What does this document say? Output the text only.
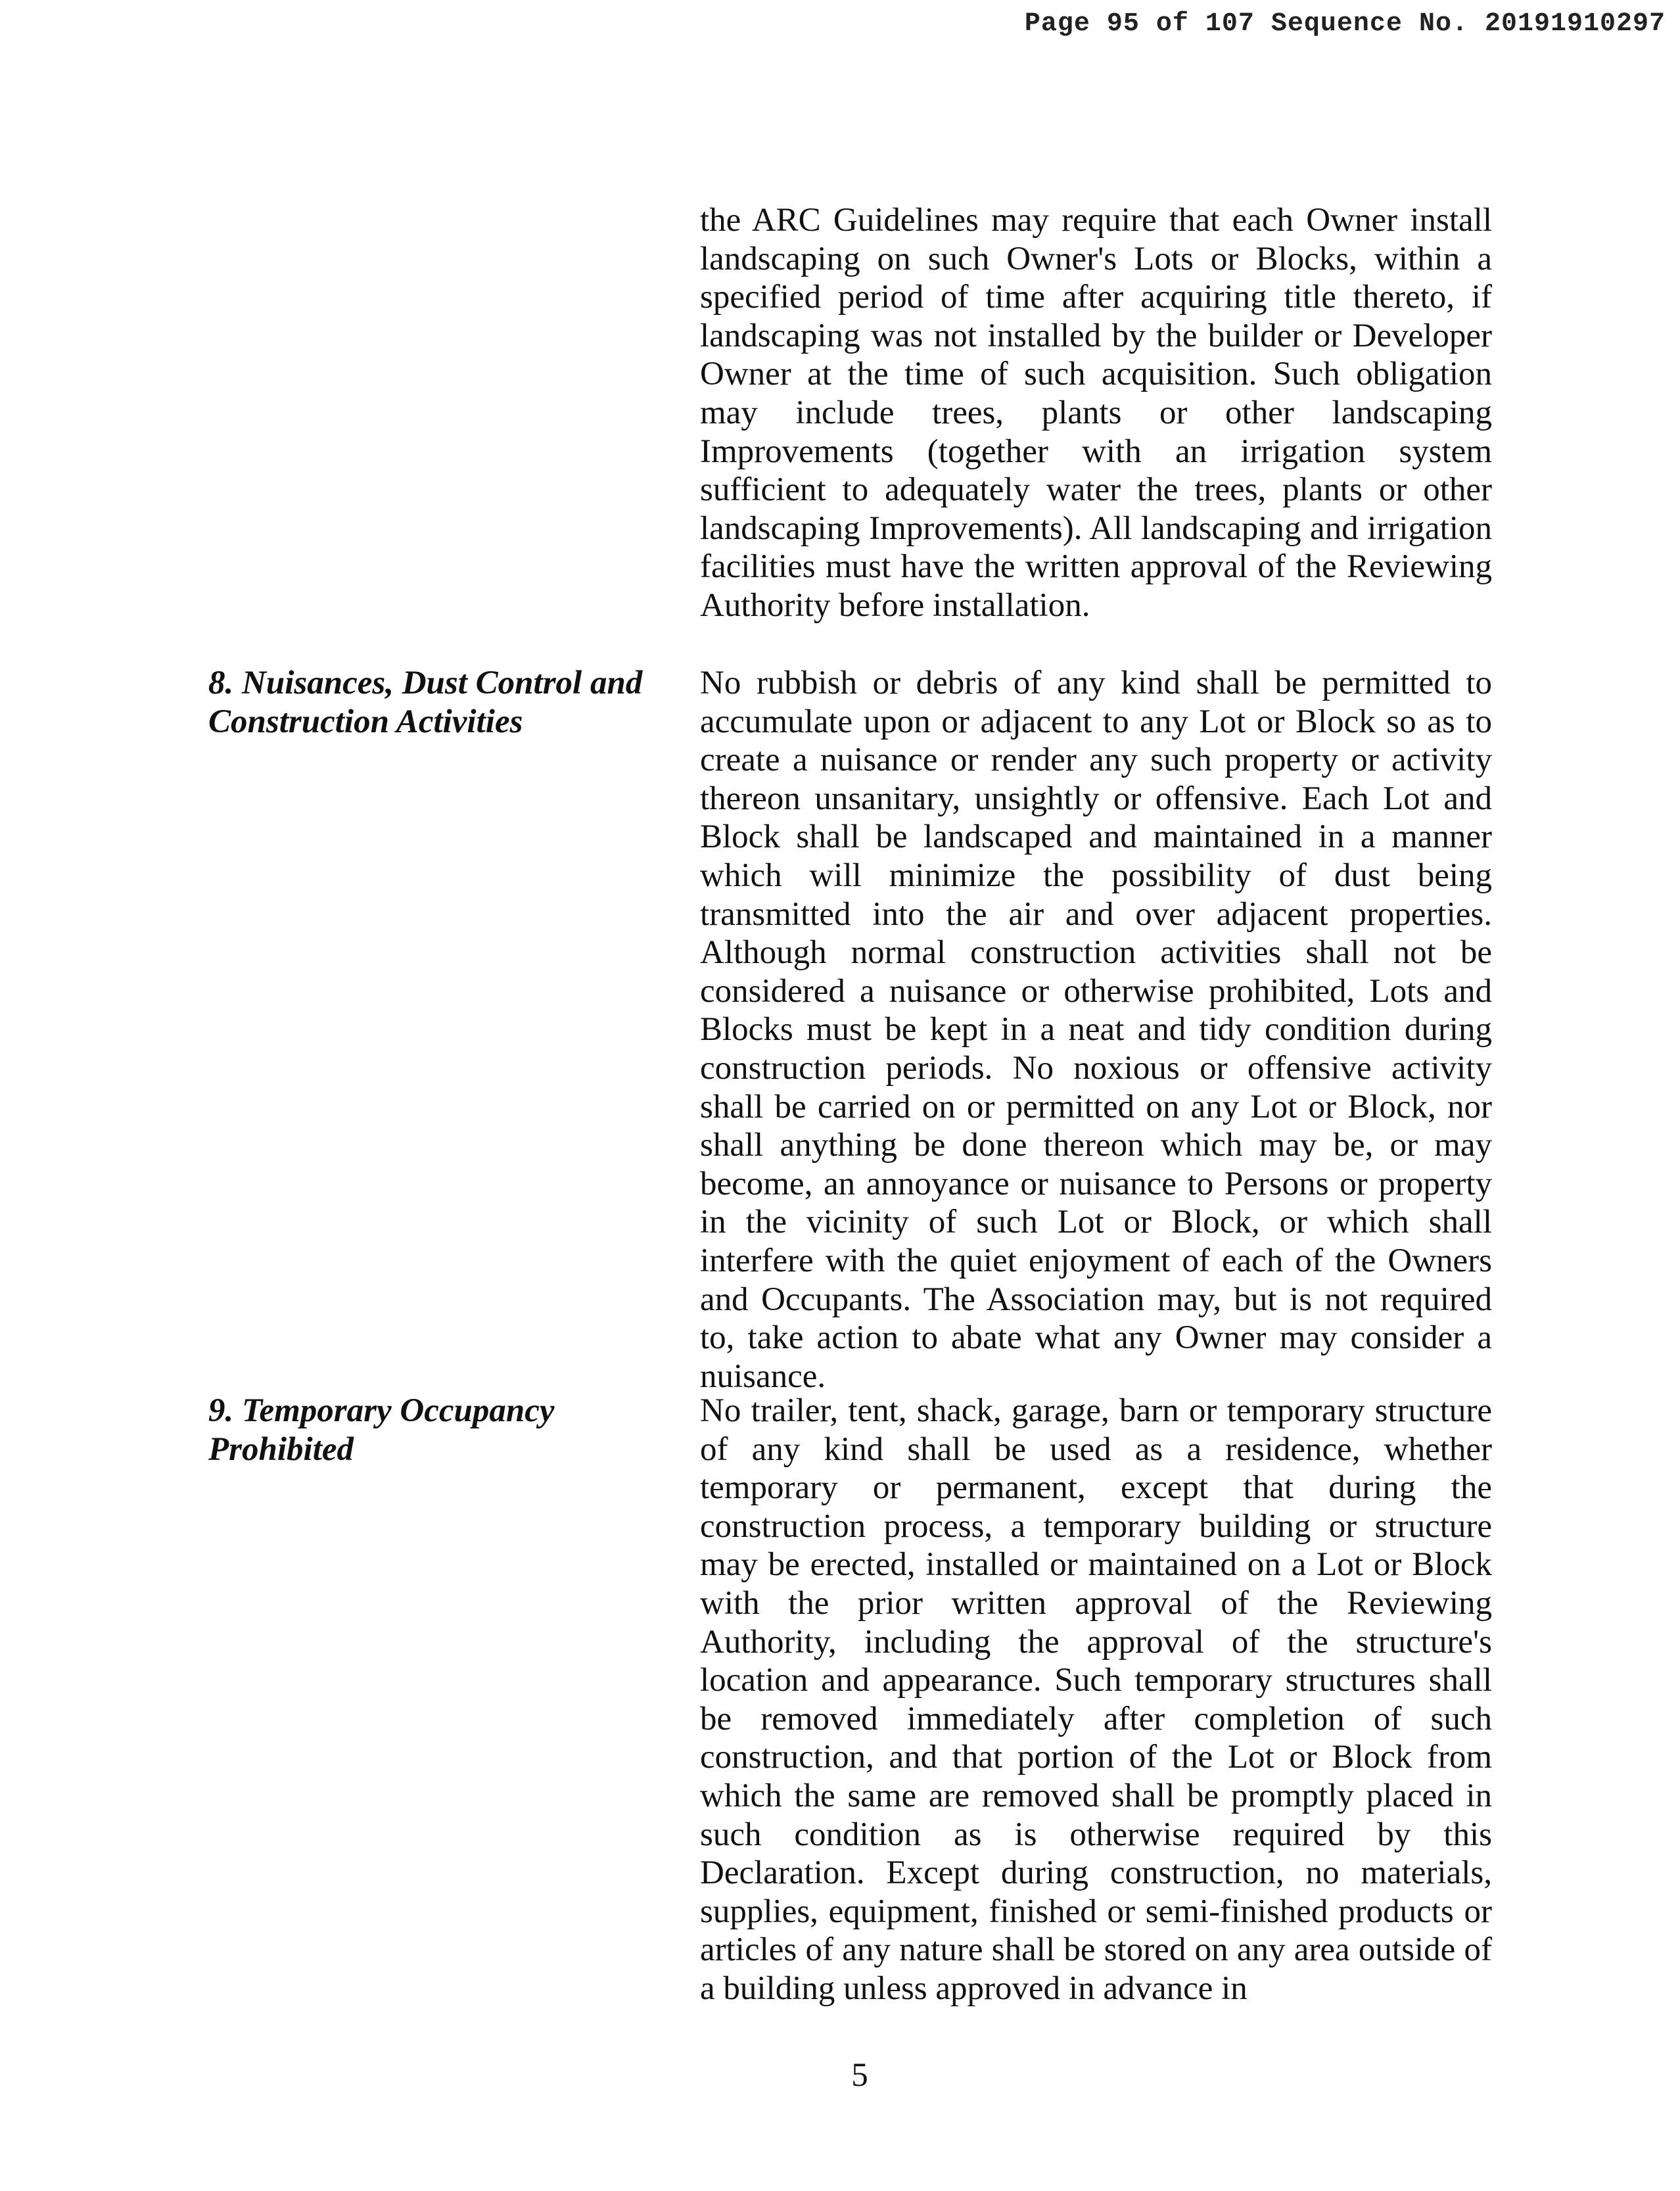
Page 95 of 107 Sequence No. 20191910297

the ARC Guidelines may require that each Owner install landscaping on such Owner's Lots or Blocks, within a specified period of time after acquiring title thereto, if landscaping was not installed by the builder or Developer Owner at the time of such acquisition. Such obligation may include trees, plants or other landscaping Improvements (together with an irrigation system sufficient to adequately water the trees, plants or other landscaping Improvements). All landscaping and irrigation facilities must have the written approval of the Reviewing Authority before installation.

8. Nuisances, Dust Control and Construction Activities

No rubbish or debris of any kind shall be permitted to accumulate upon or adjacent to any Lot or Block so as to create a nuisance or render any such property or activity thereon unsanitary, unsightly or offensive. Each Lot and Block shall be landscaped and maintained in a manner which will minimize the possibility of dust being transmitted into the air and over adjacent properties. Although normal construction activities shall not be considered a nuisance or otherwise prohibited, Lots and Blocks must be kept in a neat and tidy condition during construction periods. No noxious or offensive activity shall be carried on or permitted on any Lot or Block, nor shall anything be done thereon which may be, or may become, an annoyance or nuisance to Persons or property in the vicinity of such Lot or Block, or which shall interfere with the quiet enjoyment of each of the Owners and Occupants. The Association may, but is not required to, take action to abate what any Owner may consider a nuisance.

9. Temporary Occupancy Prohibited

No trailer, tent, shack, garage, barn or temporary structure of any kind shall be used as a residence, whether temporary or permanent, except that during the construction process, a temporary building or structure may be erected, installed or maintained on a Lot or Block with the prior written approval of the Reviewing Authority, including the approval of the structure's location and appearance. Such temporary structures shall be removed immediately after completion of such construction, and that portion of the Lot or Block from which the same are removed shall be promptly placed in such condition as is otherwise required by this Declaration. Except during construction, no materials, supplies, equipment, finished or semi-finished products or articles of any nature shall be stored on any area outside of a building unless approved in advance in

5
